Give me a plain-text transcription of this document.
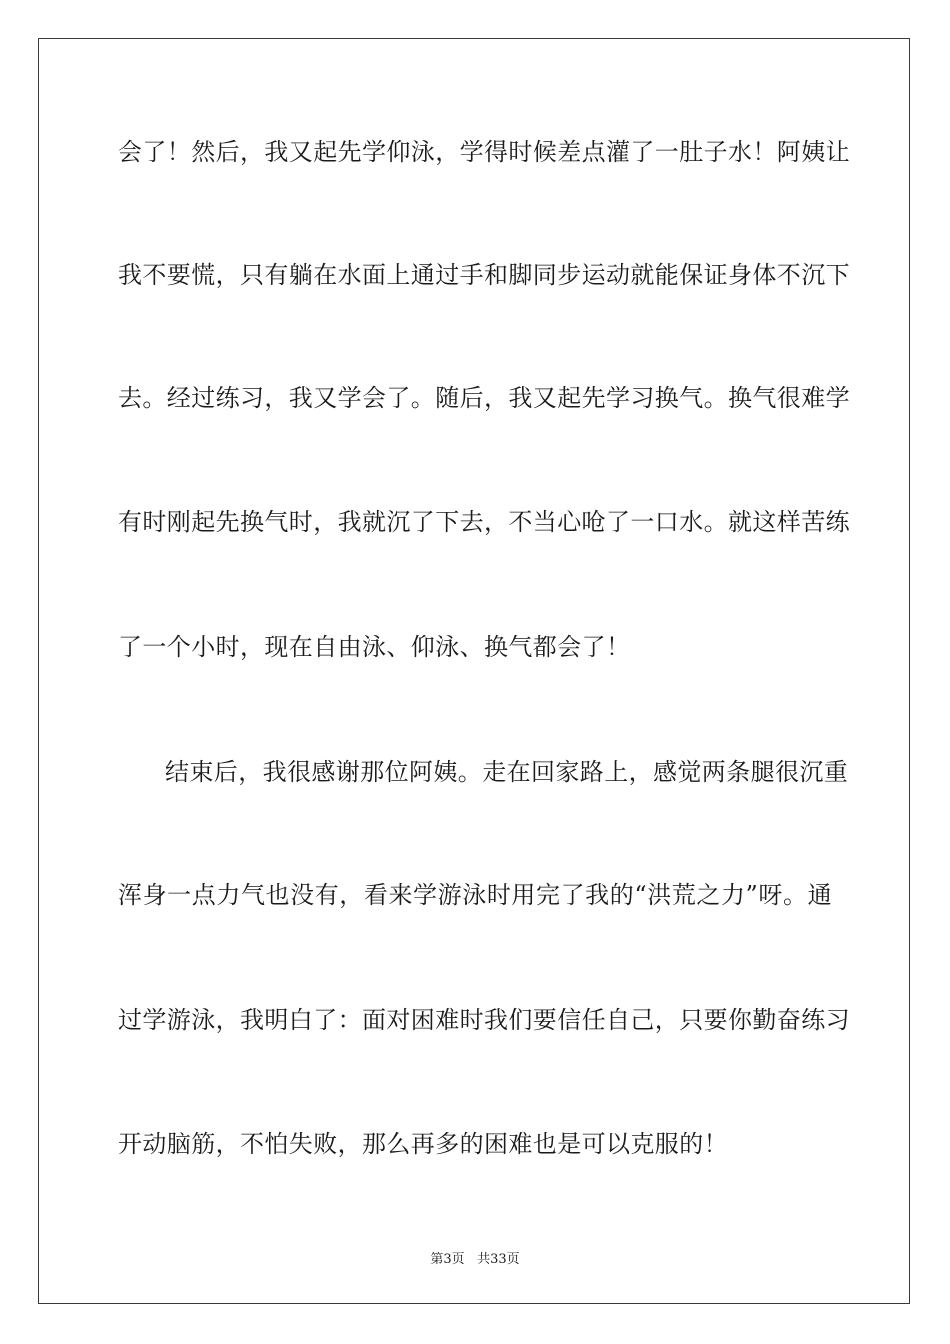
会了！然后，我又起先学仰泳，学得时候差点灌了一肚子水！阿姨让

我不要慌，只有躺在水面上通过手和脚同步运动就能保证身体不沉下

去。经过练习，我又学会了。随后，我又起先学习换气。换气很难学

有时刚起先换气时，我就沉了下去，不当心呛了一口水。就这样苦练

了一个小时，现在自由泳、仰泳、换气都会了！

结束后，我很感谢那位阿姨。走在回家路上，感觉两条腿很沉重

浑身一点力气也没有，看来学游泳时用完了我的“洪荒之力”呀。通

过学游泳，我明白了：面对困难时我们要信任自己，只要你勤奋练习

开动脑筋，不怕失败，那么再多的困难也是可以克服的！

第3页 共33页
